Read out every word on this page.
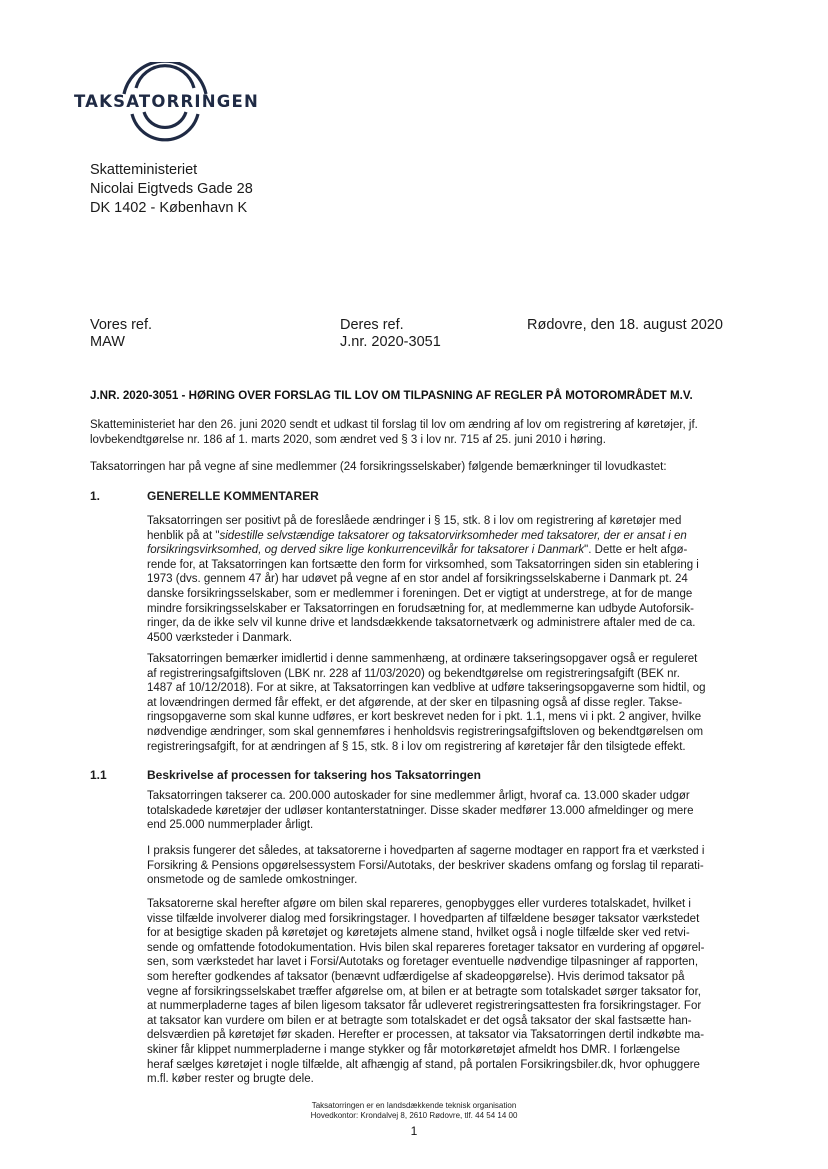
TAKSATORRINGEN
Skatteministeriet
Nicolai Eigtveds Gade 28
DK 1402 - København K
Vores ref.
MAW
Deres ref.
J.nr. 2020-3051
Rødovre, den 18. august 2020
J.NR. 2020-3051 - HØRING OVER FORSLAG TIL LOV OM TILPASNING AF REGLER PÅ MOTOROMRÅDET M.V.
Skatteministeriet har den 26. juni 2020 sendt et udkast til forslag til lov om ændring af lov om registrering af køretøjer, jf.
lovbekendtgørelse nr. 186 af 1. marts 2020, som ændret ved § 3 i lov nr. 715 af 25. juni 2010 i høring.
Taksatorringen har på vegne af sine medlemmer (24 forsikringsselskaber) følgende bemærkninger til lovudkastet:
1.	GENERELLE KOMMENTARER
Taksatorringen ser positivt på de foreslåede ændringer i § 15, stk. 8 i lov om registrering af køretøjer med
henblik på at "sidestille selvstændige taksatorer og taksatorvirksomheder med taksatorer, der er ansat i en
forsikringsvirksomhed, og derved sikre lige konkurrencevilkår for taksatorer i Danmark". Dette er helt afgø-
rende for, at Taksatorringen kan fortsætte den form for virksomhed, som Taksatorringen siden sin etablering i
1973 (dvs. gennem 47 år) har udøvet på vegne af en stor andel af forsikringsselskaberne i Danmark pt. 24
danske forsikringsselskaber, som er medlemmer i foreningen. Det er vigtigt at understrege, at for de mange
mindre forsikringsselskaber er Taksatorringen en forudsætning for, at medlemmerne kan udbyde Autoforsik-
ringer, da de ikke selv vil kunne drive et landsdækkende taksatornetværk og administrere aftaler med de ca.
4500 værksteder i Danmark.
Taksatorringen bemærker imidlertid i denne sammenhæng, at ordinære takseringsopgaver også er reguleret
af registreringsafgiftsloven (LBK nr. 228 af 11/03/2020) og bekendtgørelse om registreringsafgift (BEK nr.
1487 af 10/12/2018). For at sikre, at Taksatorringen kan vedblive at udføre takseringsopgaverne som hidtil, og
at lovændringen dermed får effekt, er det afgørende, at der sker en tilpasning også af disse regler. Takse-
ringsopgaverne som skal kunne udføres, er kort beskrevet neden for i pkt. 1.1, mens vi i pkt. 2 angiver, hvilke
nødvendige ændringer, som skal gennemføres i henholdsvis registreringsafgiftsloven og bekendtgørelsen om
registreringsafgift, for at ændringen af § 15, stk. 8 i lov om registrering af køretøjer får den tilsigtede effekt.
1.1	Beskrivelse af processen for taksering hos Taksatorringen
Taksatorringen takserer ca. 200.000 autoskader for sine medlemmer årligt, hvoraf ca. 13.000 skader udgør
totalskadede køretøjer der udløser kontanterstatninger. Disse skader medfører 13.000 afmeldinger og mere
end 25.000 nummerplader årligt.
I praksis fungerer det således, at taksatorerne i hovedparten af sagerne modtager en rapport fra et værksted i
Forsikring & Pensions opgørelsessystem Forsi/Autotaks, der beskriver skadens omfang og forslag til reparati-
onsmetode og de samlede omkostninger.
Taksatorerne skal herefter afgøre om bilen skal repareres, genopbygges eller vurderes totalskadet, hvilket i
visse tilfælde involverer dialog med forsikringstager. I hovedparten af tilfældene besøger taksator værkstedet
for at besigtige skaden på køretøjet og køretøjets almene stand, hvilket også i nogle tilfælde sker ved retvi-
sende og omfattende fotodokumentation. Hvis bilen skal repareres foretager taksator en vurdering af opgørel-
sen, som værkstedet har lavet i Forsi/Autotaks og foretager eventuelle nødvendige tilpasninger af rapporten,
som herefter godkendes af taksator (benævnt udfærdigelse af skadeopgørelse). Hvis derimod taksator på
vegne af forsikringsselskabet træffer afgørelse om, at bilen er at betragte som totalskadet sørger taksator for,
at nummerpladerne tages af bilen ligesom taksator får udleveret registreringsattesten fra forsikringstager. For
at taksator kan vurdere om bilen er at betragte som totalskadet er det også taksator der skal fastsætte han-
delsværdien på køretøjet før skaden. Herefter er processen, at taksator via Taksatorringen dertil indkøbte ma-
skiner får klippet nummerpladerne i mange stykker og får motorkøretøjet afmeldt hos DMR. I forlængelse
heraf sælges køretøjet i nogle tilfælde, alt afhængig af stand, på portalen Forsikringsbiler.dk, hvor ophuggere
m.fl. køber rester og brugte dele.
Taksatorringen er en landsdækkende teknisk organisation
Hovedkontor: Krondalvej 8, 2610 Rødovre, tlf. 44 54 14 00
1
